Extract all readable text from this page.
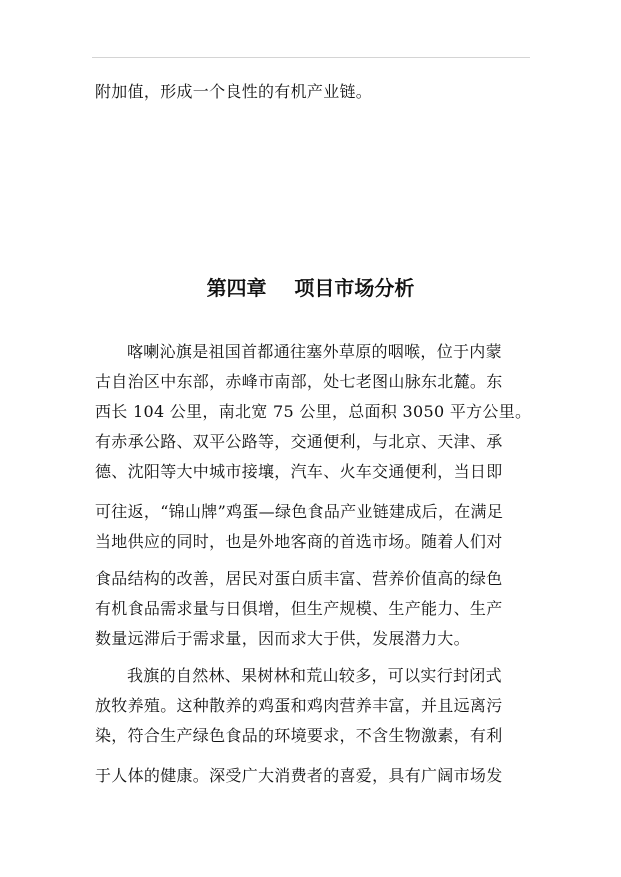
附加值，形成一个良性的有机产业链。

第四章    项目市场分析

喀喇沁旗是祖国首都通往塞外草原的咽喉，位于内蒙

古自治区中东部，赤峰市南部，处七老图山脉东北麓。东

西长 104 公里，南北宽 75 公里，总面积 3050 平方公里。

有赤承公路、双平公路等，交通便利，与北京、天津、承

德、沈阳等大中城市接壤，汽车、火车交通便利，当日即

可往返，“锦山牌”鸡蛋—绿色食品产业链建成后，在满足

当地供应的同时，也是外地客商的首选市场。随着人们对

食品结构的改善，居民对蛋白质丰富、营养价值高的绿色

有机食品需求量与日俱增，但生产规模、生产能力、生产

数量远滞后于需求量，因而求大于供，发展潜力大。

我旗的自然林、果树林和荒山较多，可以实行封闭式

放牧养殖。这种散养的鸡蛋和鸡肉营养丰富，并且远离污

染，符合生产绿色食品的环境要求，不含生物激素，有利

于人体的健康。深受广大消费者的喜爱，具有广阔市场发
